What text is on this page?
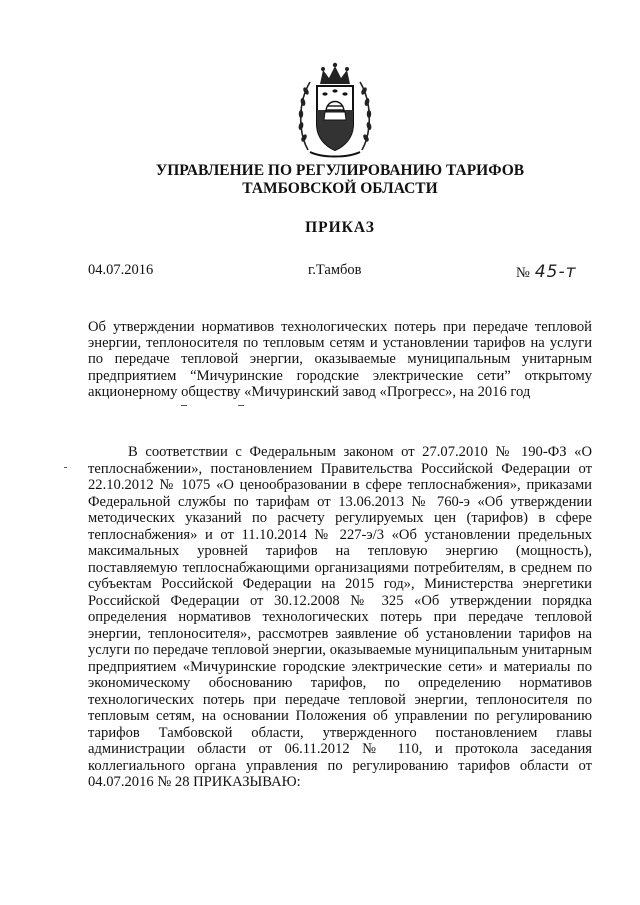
УПРАВЛЕНИЕ ПО РЕГУЛИРОВАНИЮ ТАРИФОВ
ТАМБОВСКОЙ ОБЛАСТИ
ПРИКАЗ
04.07.2016	г.Тамбов	№ 45-т

Об утверждении нормативов технологических потерь при передаче тепловой энергии, теплоносителя по тепловым сетям и установлении тарифов на услуги по передаче тепловой энергии, оказываемые муниципальным унитарным предприятием “Мичуринские городские электрические сети” открытому акционерному обществу «Мичуринский завод «Прогресс», на 2016 год

В соответствии с Федеральным законом от 27.07.2010 № 190-ФЗ «О теплоснабжении», постановлением Правительства Российской Федерации от 22.10.2012 № 1075 «О ценообразовании в сфере теплоснабжения», приказами Федеральной службы по тарифам от 13.06.2013 № 760-э «Об утверждении методических указаний по расчету регулируемых цен (тарифов) в сфере теплоснабжения» и от 11.10.2014 № 227-э/3 «Об установлении предельных максимальных уровней тарифов на тепловую энергию (мощность), поставляемую теплоснабжающими организациями потребителям, в среднем по субъектам Российской Федерации на 2015 год», Министерства энергетики Российской Федерации от 30.12.2008 № 325 «Об утверждении порядка определения нормативов технологических потерь при передаче тепловой энергии, теплоносителя», рассмотрев заявление об установлении тарифов на услуги по передаче тепловой энергии, оказываемые муниципальным унитарным предприятием «Мичуринские городские электрические сети» и материалы по экономическому обоснованию тарифов, по определению нормативов технологических потерь при передаче тепловой энергии, теплоносителя по тепловым сетям, на основании Положения об управлении по регулированию тарифов Тамбовской области, утвержденного постановлением главы администрации области от 06.11.2012 № 110, и протокола заседания коллегиального органа управления по регулированию тарифов области от 04.07.2016 № 28 ПРИКАЗЫВАЮ:
